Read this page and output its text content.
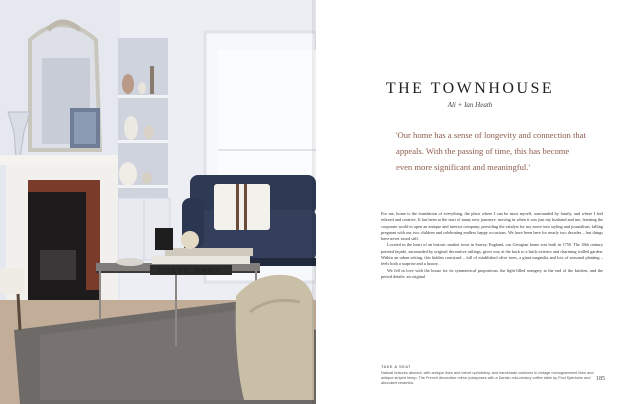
GUESS WHO?
THE TOWNHOUSE
Ali + Ian Heath
'Our home has a sense of longevity and connection that appeals. With the passing of time, this has become even more significant and meaningful.'

For me, home is the foundation of everything, the place where I can be most myself, surrounded by family, and where I feel relaxed and creative. It has been at the start of many new journeys: moving in when it was just my husband and me; learning the corporate world to open an antique and interior company; providing the catalyst for my move into styling and journalism; falling pregnant with our two children and celebrating endless happy occasions. We have been here for nearly two decades – but things have never stood still.

Located in the heart of an historic market town in Surrey, England, our Georgian home was built in 1750. The 18th century pointed façade, surrounded by original decorative railings, gives way at the back to a brick exterior and charming walled garden. Within an urban setting, this hidden courtyard – full of established olive trees, a giant magnolia and lots of seasonal planting – feels both a surprise and a luxury.

We fell in love with the house for its symmetrical proportions, the light-filled orangery at the end of the kitchen, and the period details: an original

TAKE A SEAT
Natural textures abound, with antique linen and velvet upholstery, and handmade cushions in vintage monogrammed linen and antique striped hemp. The French decorative mirror juxtaposes with a Danish mid-century coffee table by Poul Kjærholm and abundant ceramics.
185
